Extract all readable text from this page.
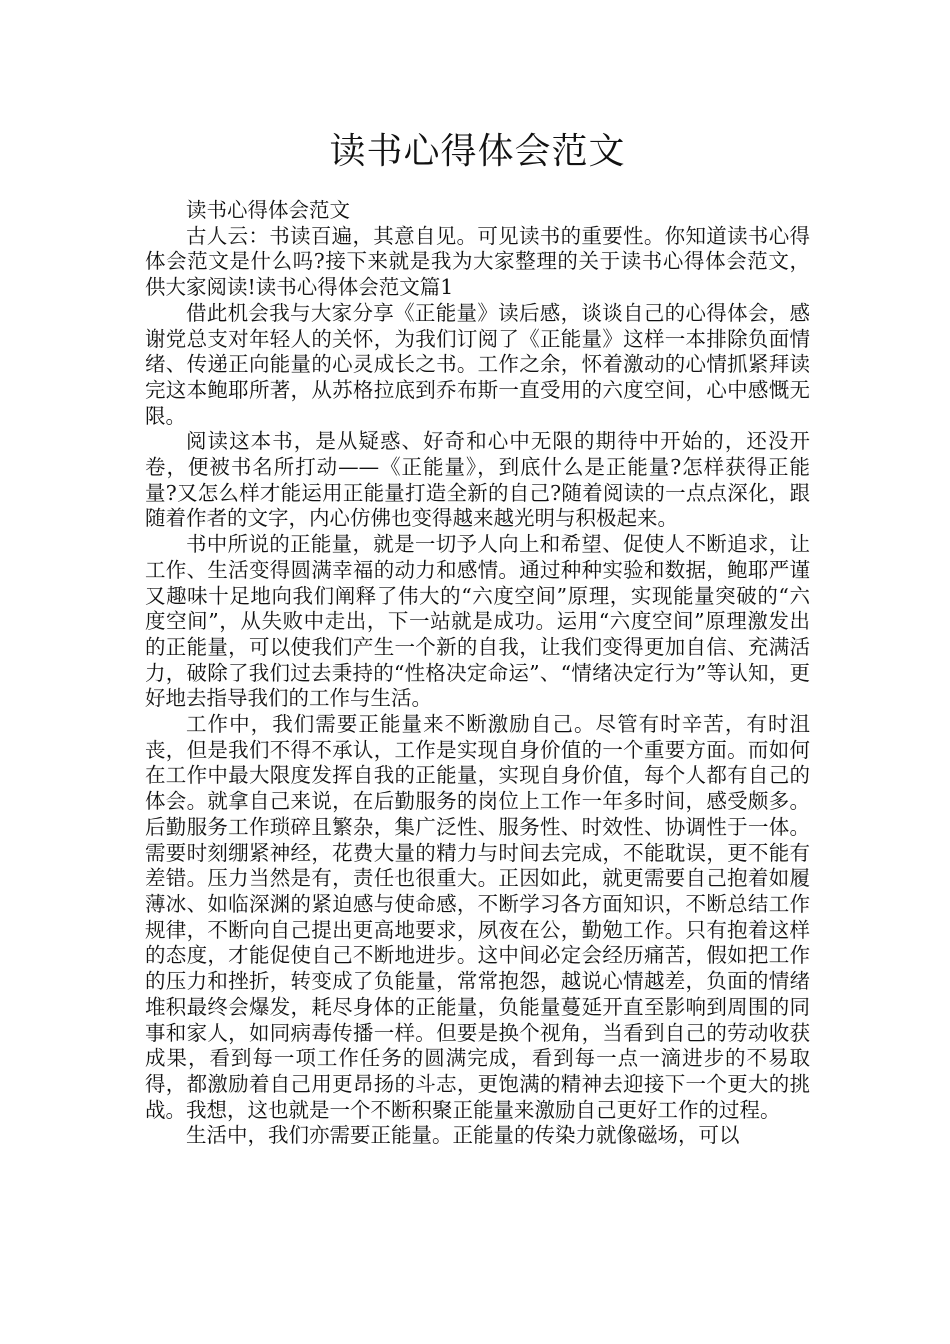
读书心得体会范文

读书心得体会范文

古人云：书读百遍，其意自见。可见读书的重要性。你知道读书心得体会范文是什么吗?接下来就是我为大家整理的关于读书心得体会范文，供大家阅读!读书心得体会范文篇1

借此机会我与大家分享《正能量》读后感，谈谈自己的心得体会，感谢党总支对年轻人的关怀，为我们订阅了《正能量》这样一本排除负面情绪、传递正向能量的心灵成长之书。工作之余，怀着激动的心情抓紧拜读完这本鲍耶所著，从苏格拉底到乔布斯一直受用的六度空间，心中感慨无限。

阅读这本书，是从疑惑、好奇和心中无限的期待中开始的，还没开卷，便被书名所打动——《正能量》，到底什么是正能量?怎样获得正能量?又怎么样才能运用正能量打造全新的自己?随着阅读的一点点深化，跟随着作者的文字，内心仿佛也变得越来越光明与积极起来。

书中所说的正能量，就是一切予人向上和希望、促使人不断追求，让工作、生活变得圆满幸福的动力和感情。通过种种实验和数据，鲍耶严谨又趣味十足地向我们阐释了伟大的“六度空间”原理，实现能量突破的“六度空间”，从失败中走出，下一站就是成功。运用“六度空间”原理激发出的正能量，可以使我们产生一个新的自我，让我们变得更加自信、充满活力，破除了我们过去秉持的“性格决定命运”、“情绪决定行为”等认知，更好地去指导我们的工作与生活。

工作中，我们需要正能量来不断激励自己。尽管有时辛苦，有时沮丧，但是我们不得不承认，工作是实现自身价值的一个重要方面。而如何在工作中最大限度发挥自我的正能量，实现自身价值，每个人都有自己的体会。就拿自己来说，在后勤服务的岗位上工作一年多时间，感受颇多。后勤服务工作琐碎且繁杂，集广泛性、服务性、时效性、协调性于一体。需要时刻绷紧神经，花费大量的精力与时间去完成，不能耽误，更不能有差错。压力当然是有，责任也很重大。正因如此，就更需要自己抱着如履薄冰、如临深渊的紧迫感与使命感，不断学习各方面知识，不断总结工作规律，不断向自己提出更高地要求，夙夜在公，勤勉工作。只有抱着这样的态度，才能促使自己不断地进步。这中间必定会经历痛苦，假如把工作的压力和挫折，转变成了负能量，常常抱怨，越说心情越差，负面的情绪堆积最终会爆发，耗尽身体的正能量，负能量蔓延开直至影响到周围的同事和家人，如同病毒传播一样。但要是换个视角，当看到自己的劳动收获成果，看到每一项工作任务的圆满完成，看到每一点一滴进步的不易取得，都激励着自己用更昂扬的斗志，更饱满的精神去迎接下一个更大的挑战。我想，这也就是一个不断积聚正能量来激励自己更好工作的过程。

生活中，我们亦需要正能量。正能量的传染力就像磁场，可以
